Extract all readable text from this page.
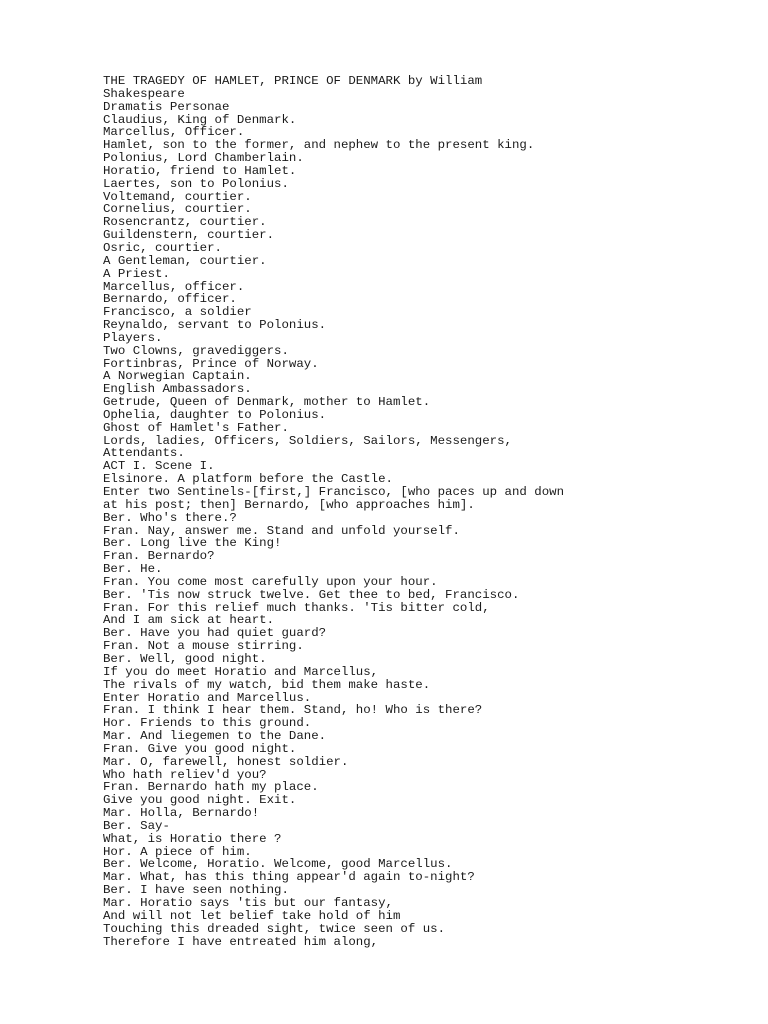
THE TRAGEDY OF HAMLET, PRINCE OF DENMARK by William
Shakespeare
Dramatis Personae
Claudius, King of Denmark.
Marcellus, Officer.
Hamlet, son to the former, and nephew to the present king.
Polonius, Lord Chamberlain.
Horatio, friend to Hamlet.
Laertes, son to Polonius.
Voltemand, courtier.
Cornelius, courtier.
Rosencrantz, courtier.
Guildenstern, courtier.
Osric, courtier.
A Gentleman, courtier.
A Priest.
Marcellus, officer.
Bernardo, officer.
Francisco, a soldier
Reynaldo, servant to Polonius.
Players.
Two Clowns, gravediggers.
Fortinbras, Prince of Norway.
A Norwegian Captain.
English Ambassadors.
Getrude, Queen of Denmark, mother to Hamlet.
Ophelia, daughter to Polonius.
Ghost of Hamlet's Father.
Lords, ladies, Officers, Soldiers, Sailors, Messengers,
Attendants.
ACT I. Scene I.
Elsinore. A platform before the Castle.
Enter two Sentinels-[first,] Francisco, [who paces up and down
at his post; then] Bernardo, [who approaches him].
Ber. Who's there.?
Fran. Nay, answer me. Stand and unfold yourself.
Ber. Long live the King!
Fran. Bernardo?
Ber. He.
Fran. You come most carefully upon your hour.
Ber. 'Tis now struck twelve. Get thee to bed, Francisco.
Fran. For this relief much thanks. 'Tis bitter cold,
And I am sick at heart.
Ber. Have you had quiet guard?
Fran. Not a mouse stirring.
Ber. Well, good night.
If you do meet Horatio and Marcellus,
The rivals of my watch, bid them make haste.
Enter Horatio and Marcellus.
Fran. I think I hear them. Stand, ho! Who is there?
Hor. Friends to this ground.
Mar. And liegemen to the Dane.
Fran. Give you good night.
Mar. O, farewell, honest soldier.
Who hath reliev'd you?
Fran. Bernardo hath my place.
Give you good night. Exit.
Mar. Holla, Bernardo!
Ber. Say-
What, is Horatio there ?
Hor. A piece of him.
Ber. Welcome, Horatio. Welcome, good Marcellus.
Mar. What, has this thing appear'd again to-night?
Ber. I have seen nothing.
Mar. Horatio says 'tis but our fantasy,
And will not let belief take hold of him
Touching this dreaded sight, twice seen of us.
Therefore I have entreated him along,
